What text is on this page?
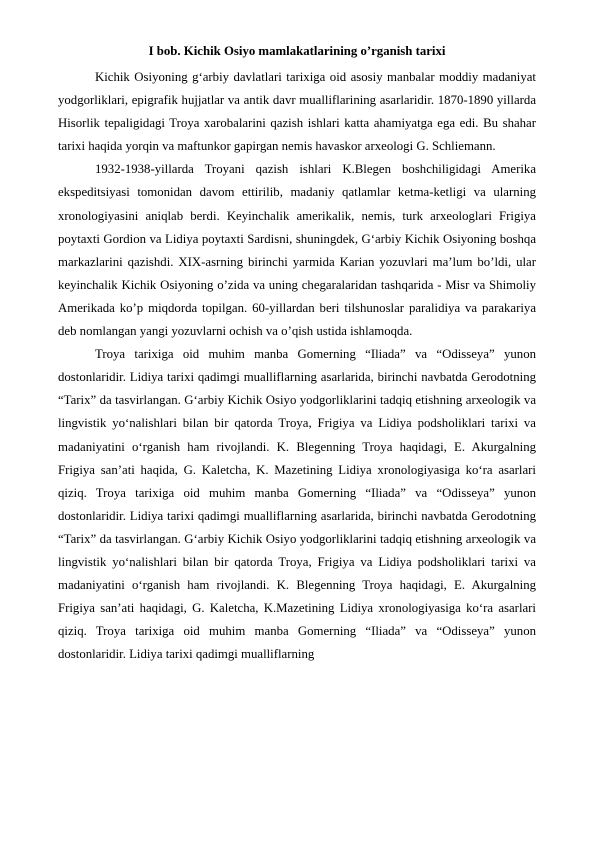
I bob. Kichik Osiyo mamlakatlarining o’rganish tarixi

Kichik Osiyoning g‘arbiy davlatlari tarixiga oid asosiy manbalar moddiy madaniyat yodgorliklari, epigrafik hujjatlar va antik davr mualliflarining asarlaridir. 1870-1890 yillarda Hisorlik tepaligidagi Troya xarobalarini qazish ishlari katta ahamiyatga ega edi. Bu shahar tarixi haqida yorqin va maftunkor gapirgan nemis havaskor arxeologi G. Schliemann.

1932-1938-yillarda Troyani qazish ishlari K.Blegen boshchiligidagi Amerika ekspeditsiyasi tomonidan davom ettirilib, madaniy qatlamlar ketma-ketligi va ularning xronologiyasini aniqlab berdi. Keyinchalik amerikalik, nemis, turk arxeologlari Frigiya poytaxti Gordion va Lidiya poytaxti Sardisni, shuningdek, G‘arbiy Kichik Osiyoning boshqa markazlarini qazishdi. XIX-asrning birinchi yarmida Karian yozuvlari ma’lum bo’ldi, ular keyinchalik Kichik Osiyoning o’zida va uning chegaralaridan tashqarida - Misr va Shimoliy Amerikada ko’p miqdorda topilgan. 60-yillardan beri tilshunoslar paralidiya va parakariya deb nomlangan yangi yozuvlarni ochish va o’qish ustida ishlamoqda.

Troya tarixiga oid muhim manba Gomerning “Iliada” va “Odisseya” yunon dostonlaridir. Lidiya tarixi qadimgi mualliflarning asarlarida, birinchi navbatda Gerodotning “Tarix” da tasvirlangan. G‘arbiy Kichik Osiyo yodgorliklarini tadqiq etishning arxeologik va lingvistik yo‘nalishlari bilan bir qatorda Troya, Frigiya va Lidiya podsholiklari tarixi va madaniyatini o‘rganish ham rivojlandi. K. Blegenning Troya haqidagi, E. Akurgalning Frigiya san’ati haqida, G. Kaletcha, K. Mazetining Lidiya xronologiyasiga ko‘ra asarlari qiziq. Troya tarixiga oid muhim manba Gomerning “Iliada” va “Odisseya” yunon dostonlaridir. Lidiya tarixi qadimgi mualliflarning asarlarida, birinchi navbatda Gerodotning “Tarix” da tasvirlangan. G‘arbiy Kichik Osiyo yodgorliklarini tadqiq etishning arxeologik va lingvistik yo‘nalishlari bilan bir qatorda Troya, Frigiya va Lidiya podsholiklari tarixi va madaniyatini o‘rganish ham rivojlandi. K. Blegenning Troya haqidagi, E. Akurgalning Frigiya san’ati haqidagi, G. Kaletcha, K.Mazetining Lidiya xronologiyasiga ko‘ra asarlari qiziq. Troya tarixiga oid muhim manba Gomerning “Iliada” va “Odisseya” yunon dostonlaridir. Lidiya tarixi qadimgi mualliflarning
